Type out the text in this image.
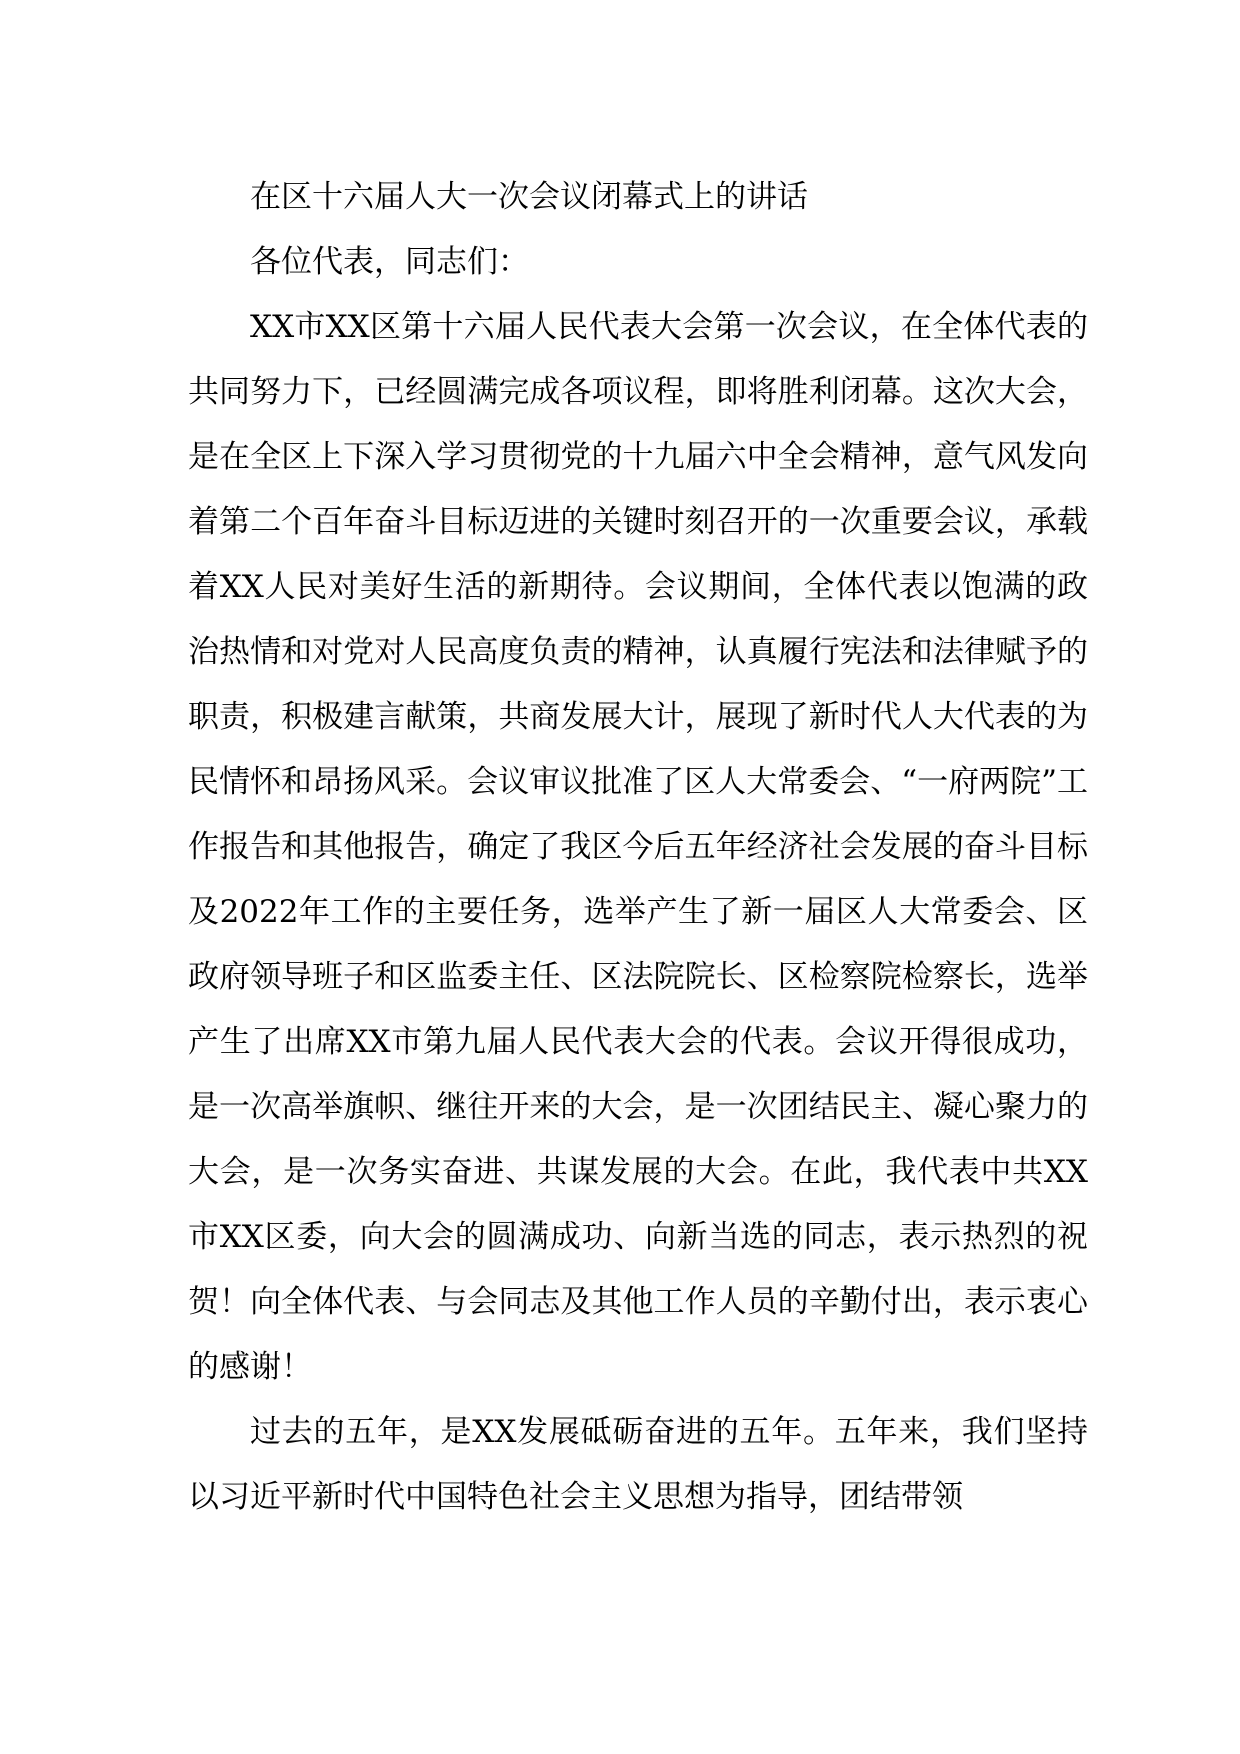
在区十六届人大一次会议闭幕式上的讲话

各位代表，同志们：

XX市XX区第十六届人民代表大会第一次会议，在全体代表的共同努力下，已经圆满完成各项议程，即将胜利闭幕。这次大会，是在全区上下深入学习贯彻党的十九届六中全会精神，意气风发向着第二个百年奋斗目标迈进的关键时刻召开的一次重要会议，承载着XX人民对美好生活的新期待。会议期间，全体代表以饱满的政治热情和对党对人民高度负责的精神，认真履行宪法和法律赋予的职责，积极建言献策，共商发展大计，展现了新时代人大代表的为民情怀和昂扬风采。会议审议批准了区人大常委会、“一府两院”工作报告和其他报告，确定了我区今后五年经济社会发展的奋斗目标及2022年工作的主要任务，选举产生了新一届区人大常委会、区政府领导班子和区监委主任、区法院院长、区检察院检察长，选举产生了出席XX市第九届人民代表大会的代表。会议开得很成功，是一次高举旗帜、继往开来的大会，是一次团结民主、凝心聚力的大会，是一次务实奋进、共谋发展的大会。在此，我代表中共XX市XX区委，向大会的圆满成功、向新当选的同志，表示热烈的祝贺！向全体代表、与会同志及其他工作人员的辛勤付出，表示衷心的感谢！

过去的五年，是XX发展砥砺奋进的五年。五年来，我们坚持以习近平新时代中国特色社会主义思想为指导，团结带领
